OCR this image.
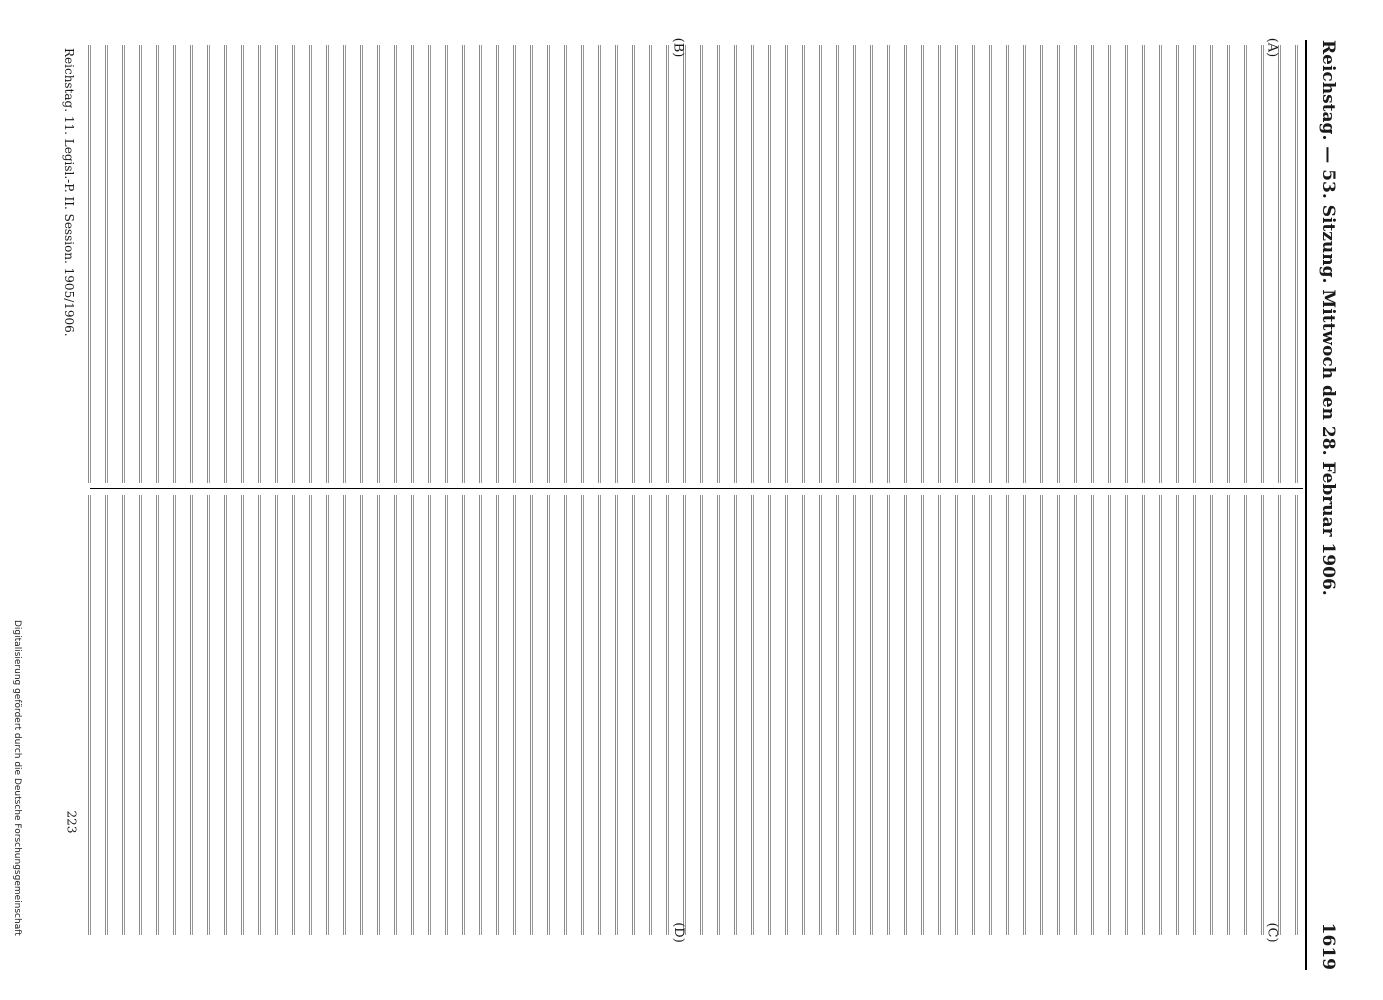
Reichstag. — 53. Sitzung. Mittwoch den 28. Februar 1906.
1619
(A)
(B)
(C)
(D)
Reichstag. 11. Legisl.-P. II. Session. 1905/1906.
223
Digitalisierung gefördert durch die Deutsche Forschungsgemeinschaft
